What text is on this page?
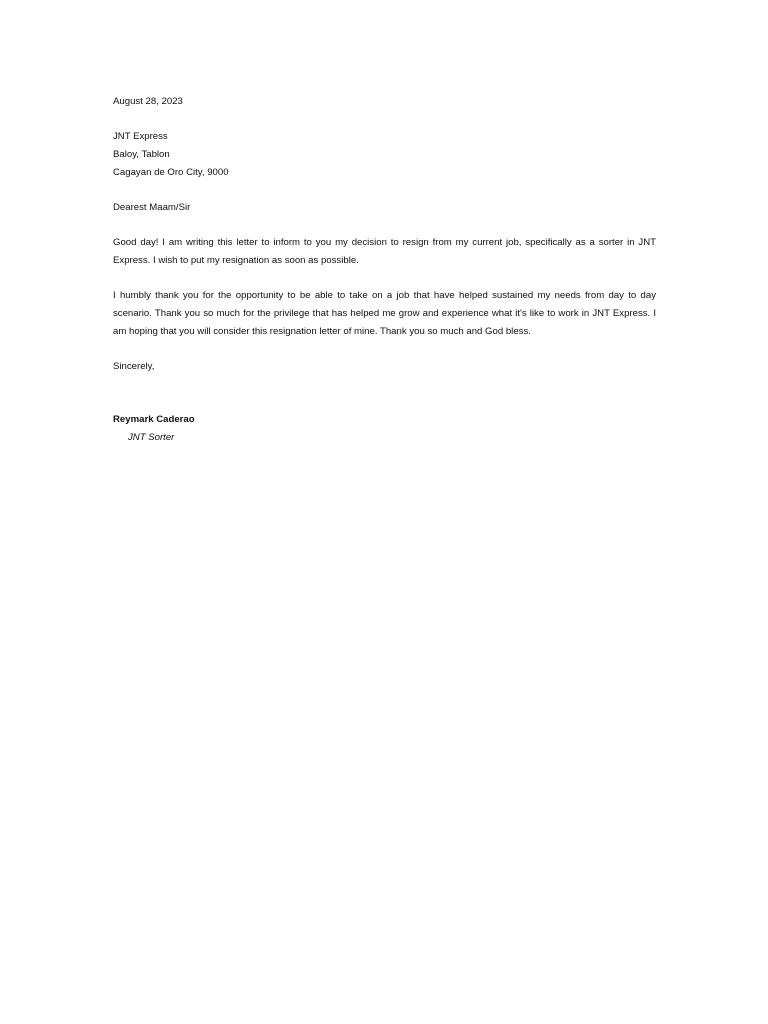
August 28, 2023
JNT Express
Baloy, Tablon
Cagayan de Oro City, 9000
Dearest Maam/Sir

Good day! I am writing this letter to inform to you my decision to resign from my current job, specifically as a sorter in JNT Express. I wish to put my resignation as soon as possible.

I humbly thank you for the opportunity to be able to take on a job that have helped sustained my needs from day to day scenario. Thank you so much for the privilege that has helped me grow and experience what it's like to work in JNT Express. I am hoping that you will consider this resignation letter of mine. Thank you so much and God bless.

Sincerely,
Reymark Caderao
JNT Sorter
